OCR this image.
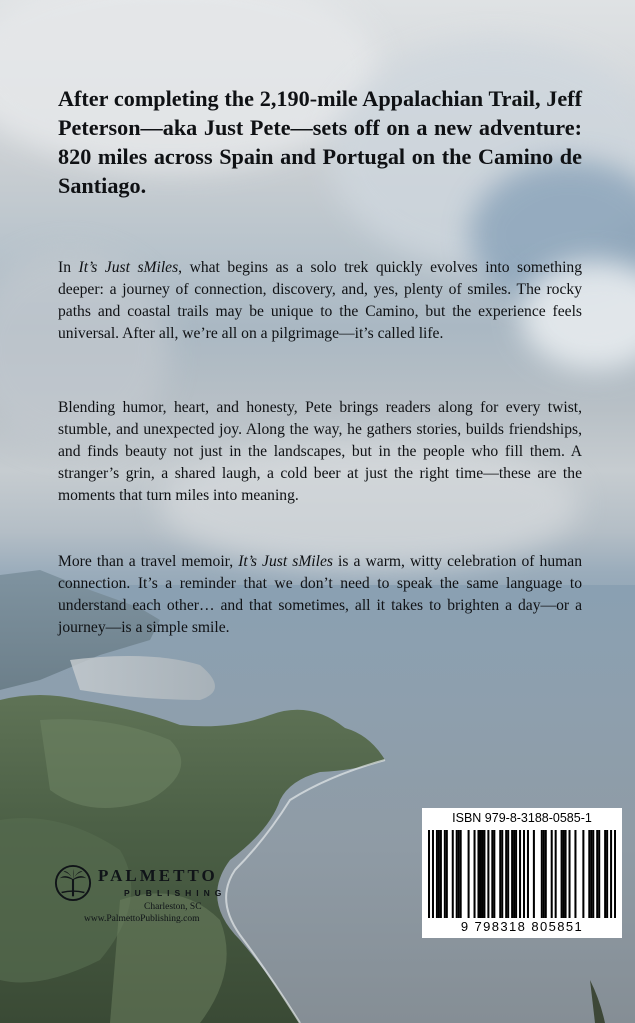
After completing the 2,190-mile Appalachian Trail, Jeff Peterson—aka Just Pete—sets off on a new adventure: 820 miles across Spain and Portugal on the Camino de Santiago.

In It’s Just sMiles, what begins as a solo trek quickly evolves into something deeper: a journey of connection, discovery, and, yes, plenty of smiles. The rocky paths and coastal trails may be unique to the Camino, but the experience feels universal. After all, we’re all on a pilgrimage—it’s called life.

Blending humor, heart, and honesty, Pete brings readers along for every twist, stumble, and unexpected joy. Along the way, he gathers stories, builds friendships, and finds beauty not just in the landscapes, but in the people who fill them. A stranger’s grin, a shared laugh, a cold beer at just the right time—these are the moments that turn miles into meaning.

More than a travel memoir, It’s Just sMiles is a warm, witty celebration of human connection. It’s a reminder that we don’t need to speak the same language to understand each other… and that sometimes, all it takes to brighten a day—or a journey—is a simple smile.

PALMETTO
PUBLISHING
Charleston, SC
www.PalmettoPublishing.com
ISBN 979-8-3188-0585-1
9 798318 805851
